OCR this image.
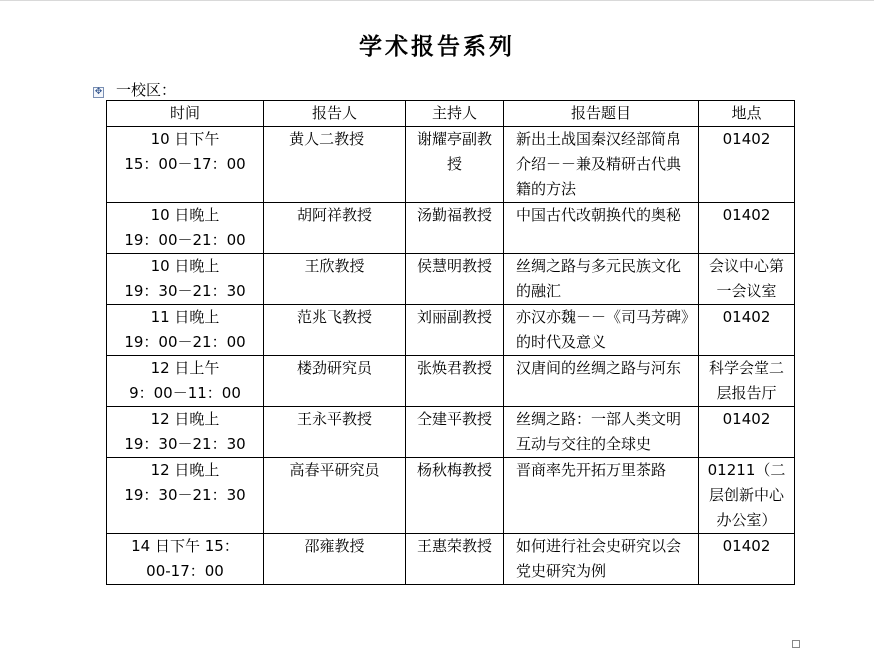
学术报告系列
✥ 一校区：
时间	报告人	主持人	报告题目	地点

10 日下午
15：00－17：00	黄人二教授	谢耀亭副教授	新出土战国秦汉经部简帛介绍－－兼及精研古代典籍的方法	01402

10 日晚上
19：00－21：00	胡阿祥教授	汤勤福教授	中国古代改朝换代的奥秘	01402

10 日晚上
19：30－21：30	王欣教授	侯慧明教授	丝绸之路与多元民族文化的融汇	会议中心第一会议室

11 日晚上
19：00－21：00	范兆飞教授	刘丽副教授	亦汉亦魏－－《司马芳碑》的时代及意义	01402

12 日上午
9：00－11：00	楼劲研究员	张焕君教授	汉唐间的丝绸之路与河东	科学会堂二层报告厅

12 日晚上
19：30－21：30	王永平教授	仝建平教授	丝绸之路：一部人类文明互动与交往的全球史	01402

12 日晚上
19：30－21：30	高春平研究员	杨秋梅教授	晋商率先开拓万里茶路	01211（二层创新中心办公室）

14 日下午 15：
00-17：00	邵雍教授	王惠荣教授	如何进行社会史研究以会党史研究为例	01402
